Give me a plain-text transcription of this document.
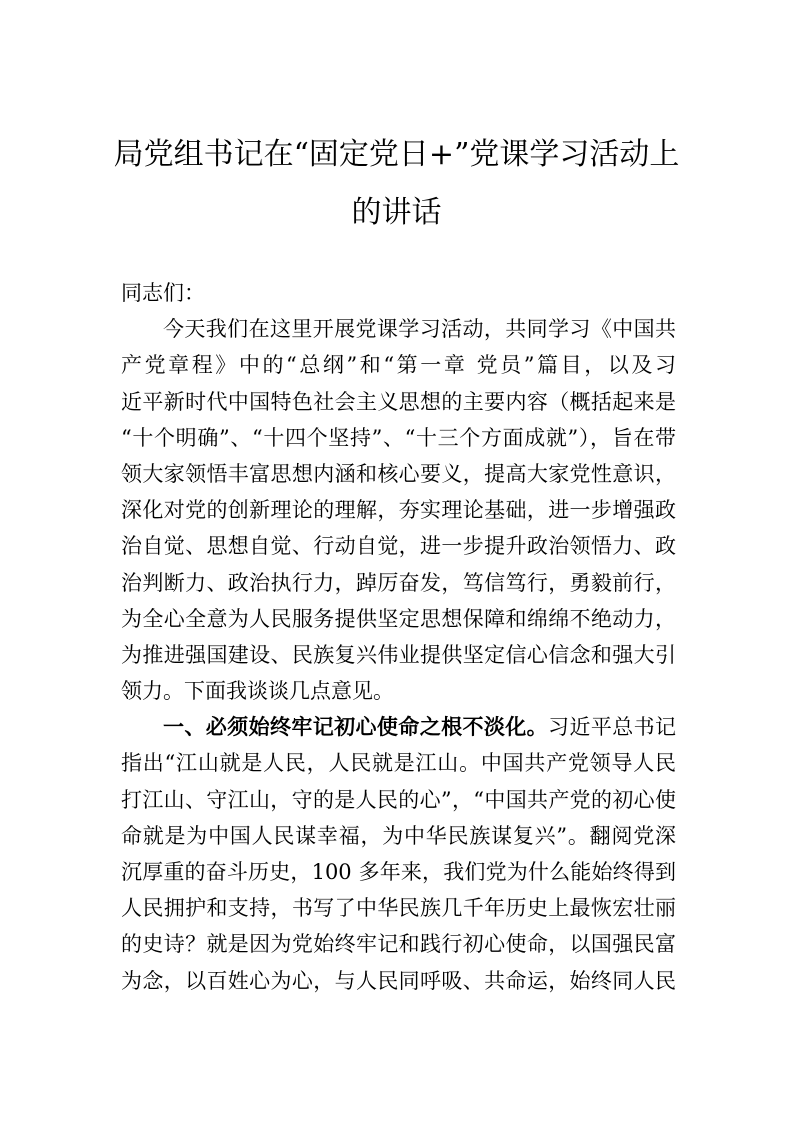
局党组书记在“固定党日+”党课学习活动上
的讲话
同志们：
今天我们在这里开展党课学习活动，共同学习《中国共
产党章程》中的“总纲”和“第一章 党员”篇目，以及习
近平新时代中国特色社会主义思想的主要内容（概括起来是
“十个明确”、“十四个坚持”、“十三个方面成就”），旨在带
领大家领悟丰富思想内涵和核心要义，提高大家党性意识，
深化对党的创新理论的理解，夯实理论基础，进一步增强政
治自觉、思想自觉、行动自觉，进一步提升政治领悟力、政
治判断力、政治执行力，踔厉奋发，笃信笃行，勇毅前行，
为全心全意为人民服务提供坚定思想保障和绵绵不绝动力，
为推进强国建设、民族复兴伟业提供坚定信心信念和强大引
领力。下面我谈谈几点意见。
一、必须始终牢记初心使命之根不淡化。习近平总书记
指出“江山就是人民，人民就是江山。中国共产党领导人民
打江山、守江山，守的是人民的心”，“中国共产党的初心使
命就是为中国人民谋幸福，为中华民族谋复兴”。翻阅党深
沉厚重的奋斗历史，100 多年来，我们党为什么能始终得到
人民拥护和支持，书写了中华民族几千年历史上最恢宏壮丽
的史诗？就是因为党始终牢记和践行初心使命，以国强民富
为念，以百姓心为心，与人民同呼吸、共命运，始终同人民
